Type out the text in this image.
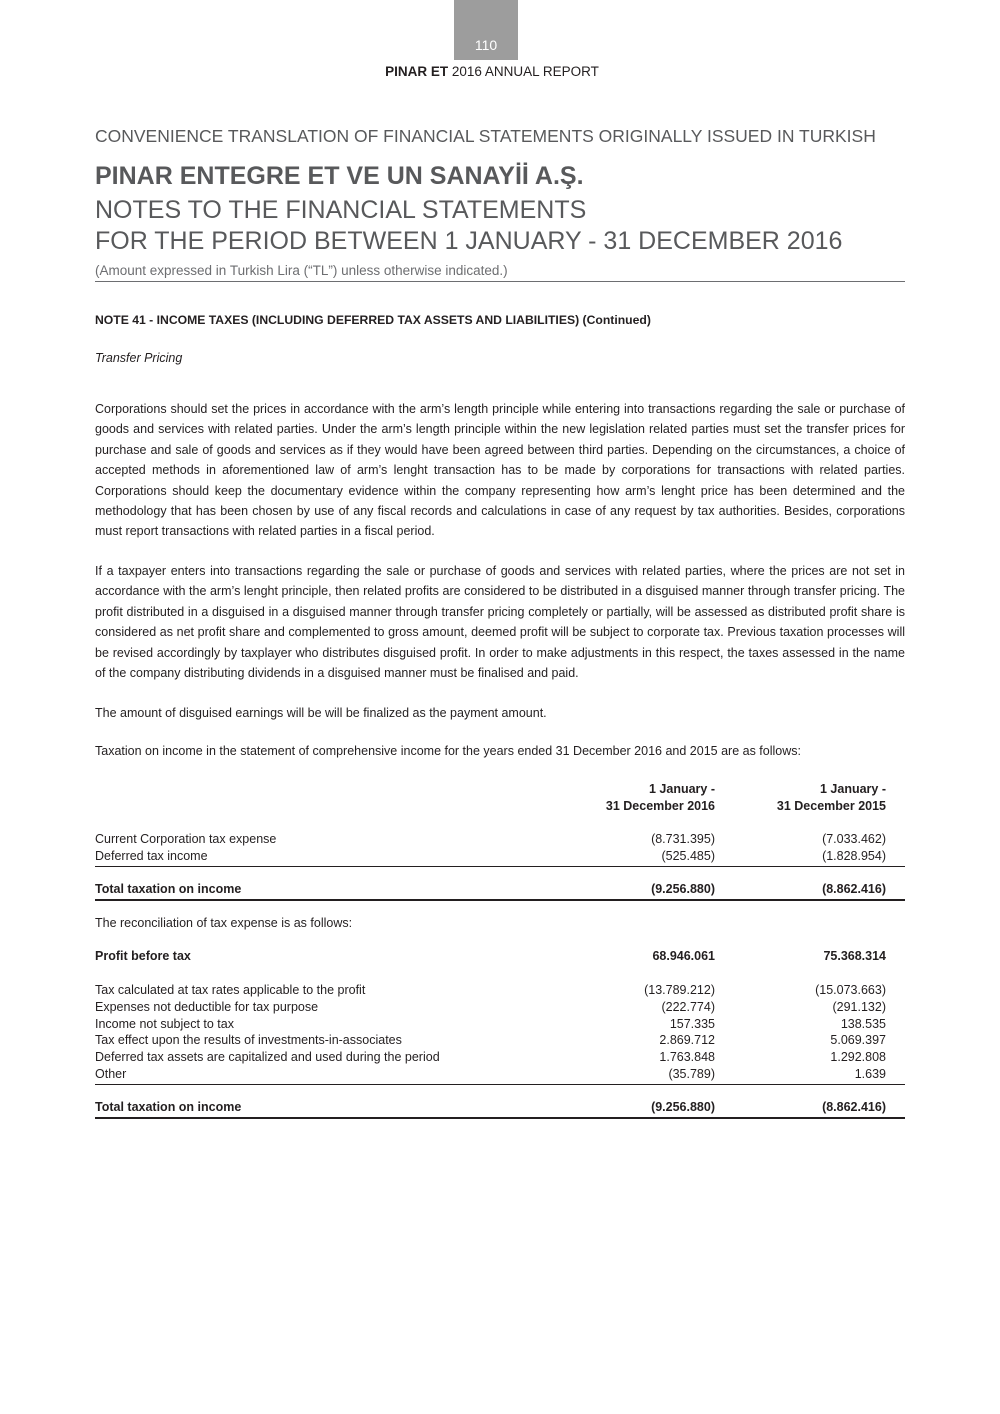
110
PINAR ET 2016 ANNUAL REPORT
CONVENIENCE TRANSLATION OF FINANCIAL STATEMENTS ORIGINALLY ISSUED IN TURKISH
PINAR ENTEGRE ET VE UN SANAYİİ A.Ş.
NOTES TO THE FINANCIAL STATEMENTS
FOR THE PERIOD BETWEEN 1 JANUARY - 31 DECEMBER 2016
(Amount expressed in Turkish Lira (“TL”) unless otherwise indicated.)
NOTE 41 - INCOME TAXES (INCLUDING DEFERRED TAX ASSETS AND LIABILITIES) (Continued)
Transfer Pricing

Corporations should set the prices in accordance with the arm’s length principle while entering into transactions regarding the sale or purchase of goods and services with related parties. Under the arm’s length principle within the new legislation related parties must set the transfer prices for purchase and sale of goods and services as if they would have been agreed between third parties. Depending on the circumstances, a choice of accepted methods in aforementioned law of arm’s lenght transaction has to be made by corporations for transactions with related parties. Corporations should keep the documentary evidence within the company representing how arm’s lenght price has been determined and the methodology that has been chosen by use of any fiscal records and calculations in case of any request by tax authorities. Besides, corporations must report transactions with related parties in a fiscal period.

If a taxpayer enters into transactions regarding the sale or purchase of goods and services with related parties, where the prices are not set in accordance with the arm’s lenght principle, then related profits are considered to be distributed in a disguised manner through transfer pricing. The profit distributed in a disguised in a disguised manner through transfer pricing completely or partially, will be assessed as distributed profit share is considered as net profit share and complemented to gross amount, deemed profit will be subject to corporate tax. Previous taxation processes will be revised accordingly by taxplayer who distributes disguised profit. In order to make adjustments in this respect, the taxes assessed in the name of the company distributing dividends in a disguised manner must be finalised and paid.

The amount of disguised earnings will be will be finalized as the payment amount.

Taxation on income in the statement of comprehensive income for the years ended 31 December 2016 and 2015 are as follows:

1 January -
31 December 2016
1 January -
31 December 2015
Current Corporation tax expense	(8.731.395)	(7.033.462)
Deferred tax income	(525.485)	(1.828.954)
Total taxation on income	(9.256.880)	(8.862.416)
The reconciliation of tax expense is as follows:
Profit before tax	68.946.061	75.368.314
Tax calculated at tax rates applicable to the profit	(13.789.212)	(15.073.663)
Expenses not deductible for tax purpose	(222.774)	(291.132)
Income not subject to tax	157.335	138.535
Tax effect upon the results of investments-in-associates	2.869.712	5.069.397
Deferred tax assets are capitalized and used during the period	1.763.848	1.292.808
Other	(35.789)	1.639
Total taxation on income	(9.256.880)	(8.862.416)
